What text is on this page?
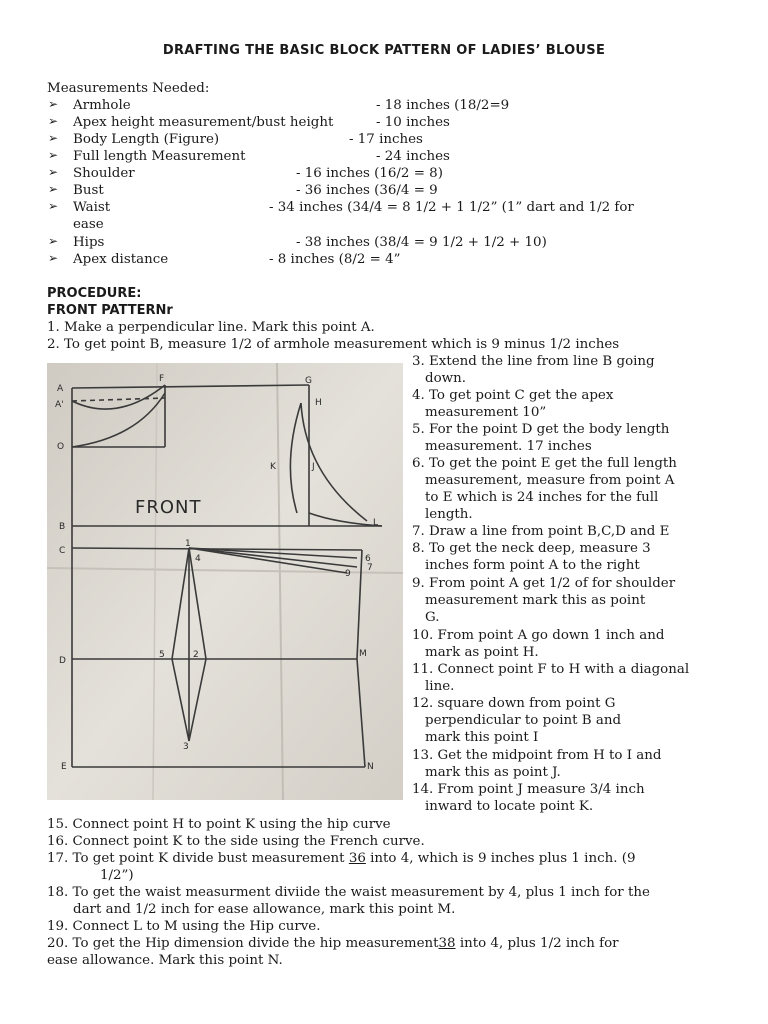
DRAFTING THE BASIC BLOCK PATTERN OF LADIES’ BLOUSE
Measurements Needed:
➢ Armhole	- 18 inches (18/2=9
➢ Apex height measurement/bust height	- 10 inches
➢ Body Length (Figure)	- 17 inches
➢ Full length Measurement	- 24 inches
➢ Shoulder	- 16 inches (16/2 = 8)
➢ Bust	- 36 inches (36/4 = 9
➢ Waist	- 34 inches (34/4 = 8 1/2 + 1 1/2” (1” dart and 1/2 for
ease
➢ Hips	- 38 inches (38/4 = 9 1/2 + 1/2 + 10)
➢ Apex distance	- 8 inches (8/2 = 4”
PROCEDURE:
FRONT PATTERNr
1. Make a perpendicular line. Mark this point A.
2. To get point B, measure 1/2 of armhole measurement which is 9 minus 1/2 inches
FRONT
A
A'
O
F	G
H
K	J
L
B
C
1
4	6
7
9
D
5	2	M
3
E	N
3. Extend the line from line B going
down.
4. To get point C get the apex
measurement 10”
5. For the point D get the body length
measurement. 17 inches
6. To get the point E get the full length
measurement, measure from point A
to E which is 24 inches for the full
length.
7. Draw a line from point B,C,D and E
8. To get the neck deep, measure 3
inches form point A to the right
9. From point A get 1/2 of for shoulder
measurement mark this as point
G.
10. From point A go down 1 inch and
mark as point H.
11. Connect point F to H with a diagonal
line.
12. square down from point G
perpendicular to point B and
mark this point I
13. Get the midpoint from H to I and
mark this as point J.
14. From point J measure 3/4 inch
inward to locate point K.
15. Connect point H to point K using the hip curve
16. Connect point K to the side using the French curve.
17. To get point K divide bust measurement 36 into 4, which is 9 inches plus 1 inch. (9
1/2”)
18. To get the waist measurment diviide the waist measurement by 4, plus 1 inch for the
dart and 1/2 inch for ease allowance, mark this point M.
19. Connect L to M using the Hip curve.
20. To get the Hip dimension divide the hip measurement38 into 4, plus 1/2 inch for
ease allowance. Mark this point N.
